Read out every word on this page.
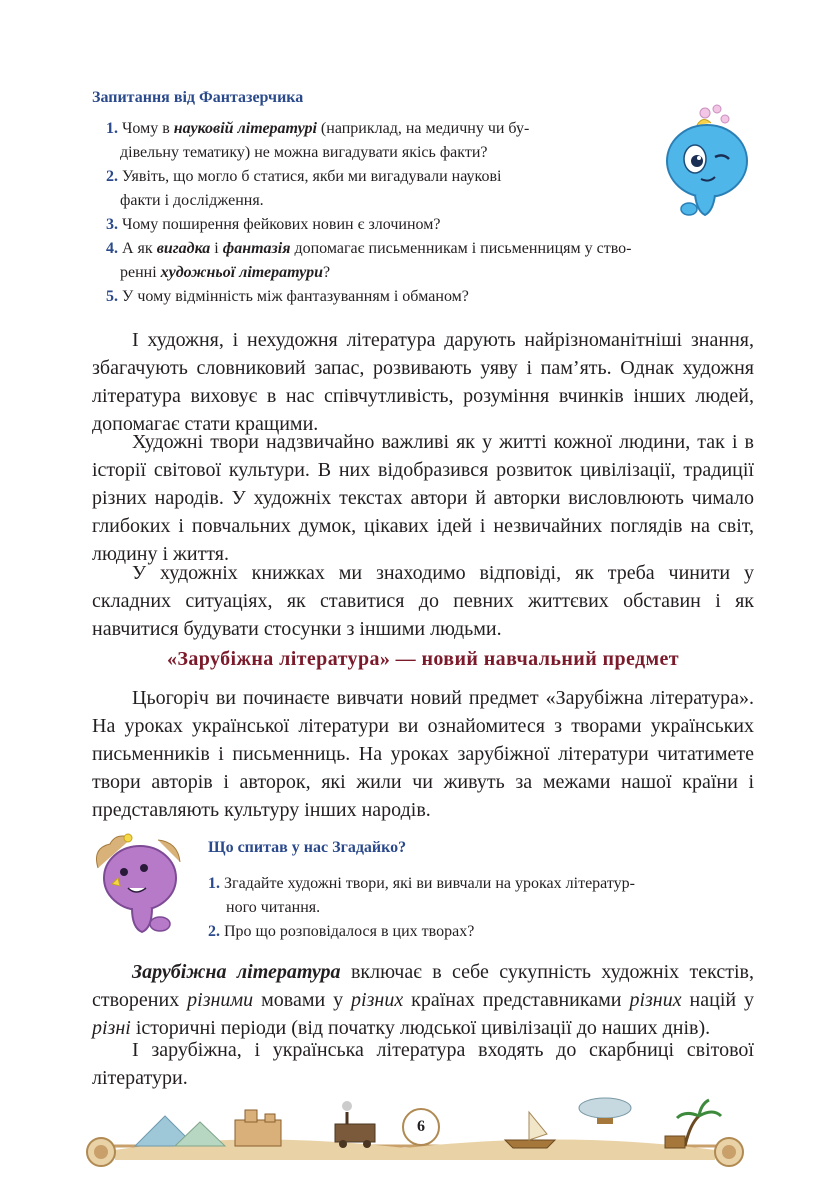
Запитання від Фантазерчика
1. Чому в науковій літературі (наприклад, на медичну чи бу-
дівельну тематику) не можна вигадувати якісь факти?
2. Уявіть, що могло б статися, якби ми вигадували наукові
факти і дослідження.
3. Чому поширення фейкових новин є злочином?
4. А як вигадка і фантазія допомагає письменникам і письменницям у ство-
ренні художньої літератури?
5. У чому відмінність між фантазуванням і обманом?

І художня, і нехудожня література дарують найрізноманітніші знання, збагачують словниковий запас, розвивають уяву і пам’ять. Однак художня література виховує в нас співчутливість, розуміння вчинків інших людей, допомагає стати кращими.

Художні твори надзвичайно важливі як у житті кожної людини, так і в історії світової культури. В них відобразився розвиток цивілізації, традиції різних народів. У художніх текстах автори й авторки висловлюють чимало глибоких і повчальних думок, цікавих ідей і незвичайних поглядів на світ, людину і життя.

У художніх книжках ми знаходимо відповіді, як треба чинити у складних ситуаціях, як ставитися до певних життєвих обставин і як навчитися будувати стосунки з іншими людьми.

«Зарубіжна література» — новий навчальний предмет

Цьогоріч ви починаєте вивчати новий предмет «Зарубіжна література». На уроках української літератури ви ознайомитеся з творами українських письменників і письменниць. На уроках зарубіжної літератури читатимете твори авторів і авторок, які жили чи живуть за межами нашої країни і представляють культуру інших народів.

Що спитав у нас Згадайко?
1. Згадайте художні твори, які ви вивчали на уроках літератур-
ного читання.
2. Про що розповідалося в цих творах?

Зарубіжна література включає в себе сукупність художніх текстів, створених різними мовами у різних країнах представниками різних націй у різні історичні періоди (від початку людської цивілізації до наших днів).

І зарубіжна, і українська література входять до скарбниці світової літератури.

6
